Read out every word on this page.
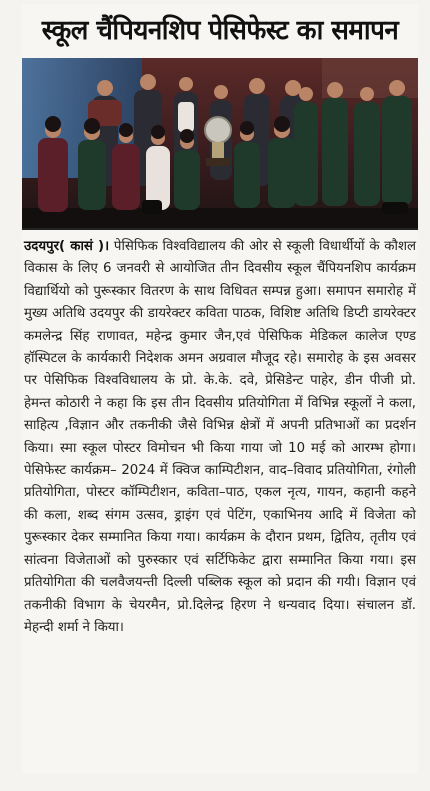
स्कूल चैंपियनशिप पेसिफेस्ट का समापन

उदयपुर( कासं )। पेसिफिक विश्वविद्यालय की ओर से स्कूली विधार्थीयों के कौशल विकास के लिए 6 जनवरी से आयोजित तीन दिवसीय स्कूल चैंपियनशिप कार्यक्रम विद्यार्थियो को पुरूस्कार वितरण के साथ विधिवत सम्पन्न हुआ। समापन समारोह में मुख्य अतिथि उदयपुर की डायरेक्टर कविता पाठक, विशिष्ट अतिथि डिप्टी डायरेक्टर कमलेन्द्र सिंह राणावत, महेन्द्र कुमार जैन,एवं पेसिफिक मेडिकल कालेज एण्ड हॉस्पिटल के कार्यकारी निदेशक अमन अग्रवाल मौजूद रहे। समारोह के इस अवसर पर पेसिफिक विश्वविधालय के प्रो. के.के. दवे, प्रेसिडेन्ट पाहेर, डीन पीजी प्रो. हेमन्त कोठारी ने कहा कि इस तीन दिवसीय प्रतियोगिता में विभिन्न स्कूलों ने कला, साहित्य ,विज्ञान और तकनीकी जैसे विभिन्न क्षेत्रों में अपनी प्रतिभाओं का प्रदर्शन किया। स्मा स्कूल पोस्टर विमोचन भी किया गाया जो 10 मई को आरम्भ होगा। पेसिफेस्ट कार्यक्रम– 2024 में क्विज काम्पिटीशन, वाद–विवाद प्रतियोगिता, रंगोली प्रतियोगिता, पोस्टर कॉम्पिटीशन, कविता–पाठ, एकल नृत्य, गायन, कहानी कहने की कला, शब्द संगम उत्सव, ड्राइंग एवं पेटिंग, एकाभिनय आदि में विजेता को पुरूस्कार देकर सम्मानित किया गया। कार्यक्रम के दौरान प्रथम, द्वितिय, तृतीय एवं सांत्वना विजेताओं को पुरुस्कार एवं सर्टिफिकेट द्वारा सम्मानित किया गया। इस प्रतियोगिता की चलवैजयन्ती दिल्ली पब्लिक स्कूल को प्रदान की गयी। विज्ञान एवं तकनीकी विभाग के चेयरमैन, प्रो.दिलेन्द्र हिरण ने धन्यवाद दिया। संचालन डॉ. मेहन्दी शर्मा ने किया।
